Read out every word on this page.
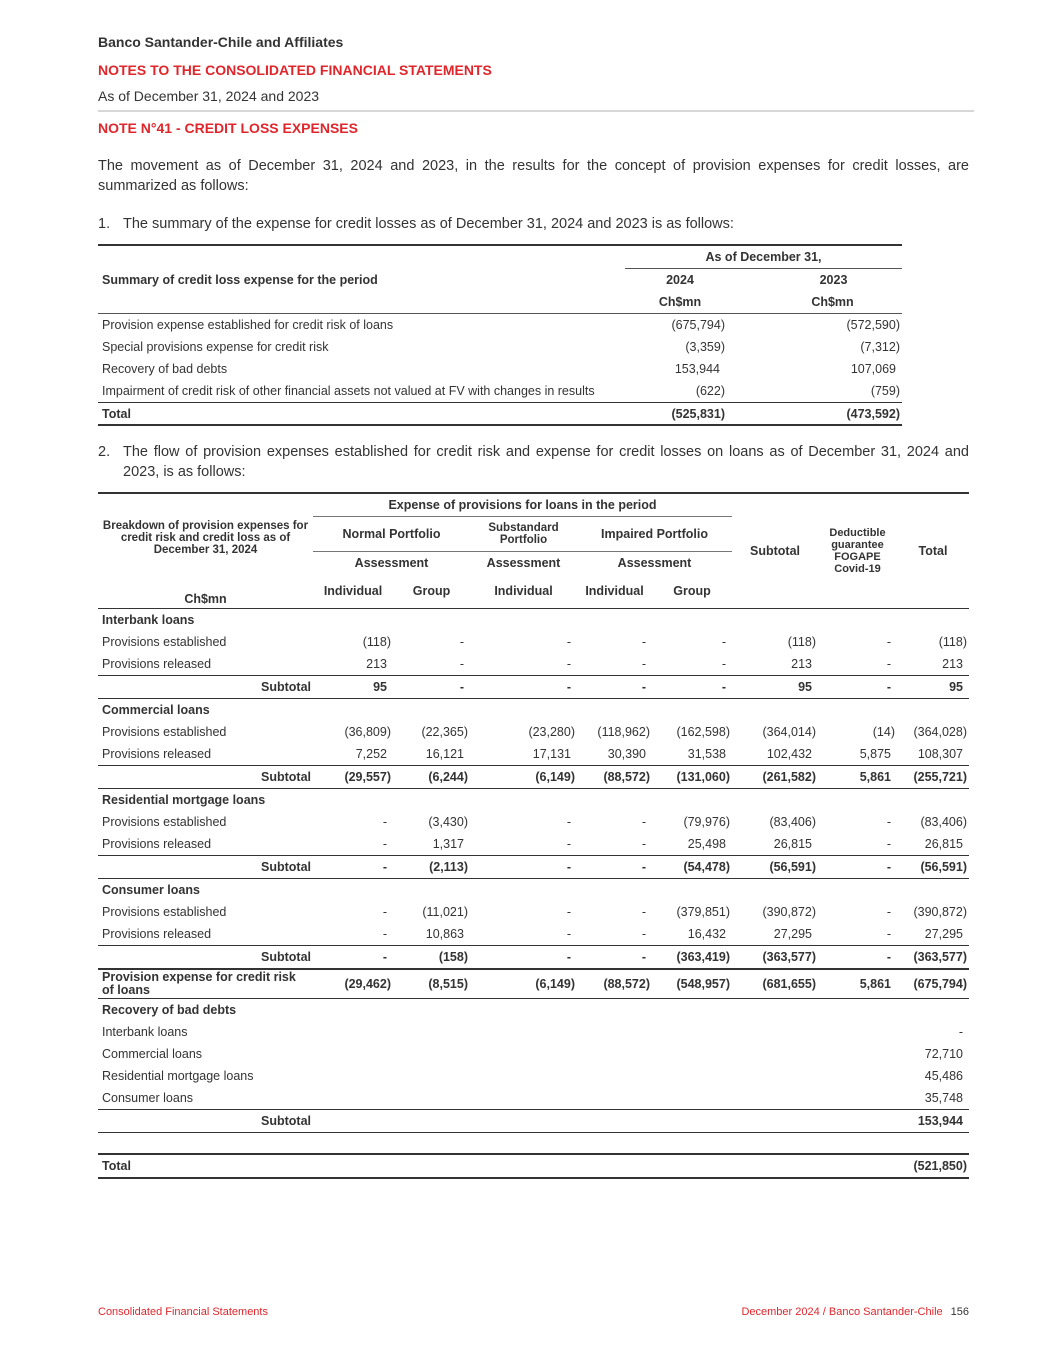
Banco Santander-Chile and Affiliates
NOTES TO THE CONSOLIDATED FINANCIAL STATEMENTS
As of December 31, 2024 and 2023
NOTE N°41 - CREDIT LOSS EXPENSES
The movement as of December 31, 2024 and 2023, in the results for the concept of provision expenses for credit losses, are summarized as follows:
1. The summary of the expense for credit losses as of December 31, 2024 and 2023 is as follows:
Summary of credit loss expense for the period	As of December 31,	
	2024	2023
	Ch$mn	Ch$mn
Provision expense established for credit risk of loans	(675,794)	(572,590)
Special provisions expense for credit risk	(3,359)	(7,312)
Recovery of bad debts	153,944	107,069
Impairment of credit risk of other financial assets not valued at FV with changes in results	(622)	(759)
Total	(525,831)	(473,592)
2. The flow of provision expenses established for credit risk and expense for credit losses on loans as of December 31, 2024 and 2023, is as follows:
Breakdown of provision expenses for credit risk and credit loss as of December 31, 2024	Expense of provisions for loans in the period					Subtotal	Deductible guarantee FOGAPE Covid-19	Total
	Normal Portfolio		Substandard Portfolio	Impaired Portfolio				
	Assessment		Assessment	Assessment				
Ch$mn	Individual	Group	Individual	Individual	Group			
Interbank loans								
Provisions established	(118)	-	-	-	-	(118)	-	(118)
Provisions released	213	-	-	-	-	213	-	213
Subtotal	95	-	-	-	-	95	-	95
Commercial loans								
Provisions established	(36,809)	(22,365)	(23,280)	(118,962)	(162,598)	(364,014)	(14)	(364,028)
Provisions released	7,252	16,121	17,131	30,390	31,538	102,432	5,875	108,307
Subtotal	(29,557)	(6,244)	(6,149)	(88,572)	(131,060)	(261,582)	5,861	(255,721)
Residential mortgage loans								
Provisions established	-	(3,430)	-	-	(79,976)	(83,406)	-	(83,406)
Provisions released	-	1,317	-	-	25,498	26,815	-	26,815
Subtotal	-	(2,113)	-	-	(54,478)	(56,591)	-	(56,591)
Consumer loans								
Provisions established	-	(11,021)	-	-	(379,851)	(390,872)	-	(390,872)
Provisions released	-	10,863	-	-	16,432	27,295	-	27,295
Subtotal	-	(158)	-	-	(363,419)	(363,577)	-	(363,577)
Provision expense for credit risk of loans	(29,462)	(8,515)	(6,149)	(88,572)	(548,957)	(681,655)	5,861	(675,794)
Recovery of bad debts								
Interbank loans								-
Commercial loans								72,710
Residential mortgage loans								45,486
Consumer loans								35,748
Subtotal								153,944

Total								(521,850)
Consolidated Financial Statements	December 2024 / Banco Santander-Chile 156
